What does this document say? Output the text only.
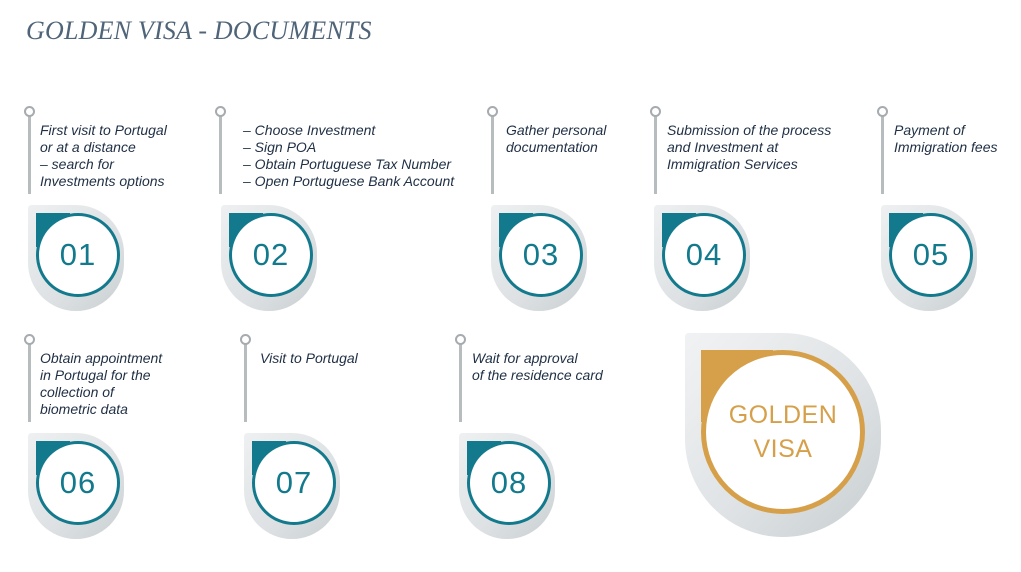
GOLDEN VISA - DOCUMENTS

First visit to Portugal
or at a distance
– search for
Investments options

01

– Choose Investment
– Sign POA
– Obtain Portuguese Tax Number
– Open Portuguese Bank Account

02

Gather personal
documentation

03

Submission of the process
and Investment at
Immigration Services

04

Payment of
Immigration fees

05

Obtain appointment
in Portugal for the
collection of
biometric data

06

Visit to Portugal

07

Wait for approval
of the residence card

08
GOLDEN
VISA
